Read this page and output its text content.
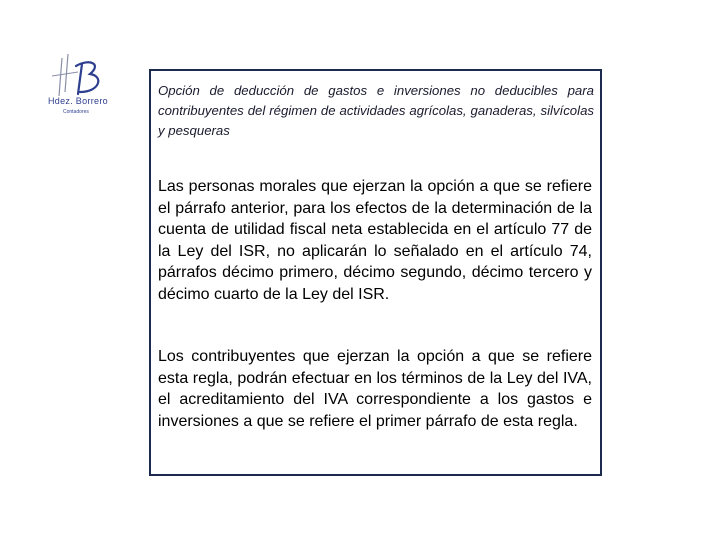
Hdez. Borrero
Contadores
Opción de deducción de gastos e inversiones no deducibles para contribuyentes del régimen de actividades agrícolas, ganaderas, silvícolas y pesqueras

Las personas morales que ejerzan la opción a que se refiere el párrafo anterior, para los efectos de la determinación de la cuenta de utilidad fiscal neta establecida en el artículo 77 de la Ley del ISR, no aplicarán lo señalado en el artículo 74, párrafos décimo primero, décimo segundo, décimo tercero y décimo cuarto de la Ley del ISR.

Los contribuyentes que ejerzan la opción a que se refiere esta regla, podrán efectuar en los términos de la Ley del IVA, el acreditamiento del IVA correspondiente a los gastos e inversiones a que se refiere el primer párrafo de esta regla.
